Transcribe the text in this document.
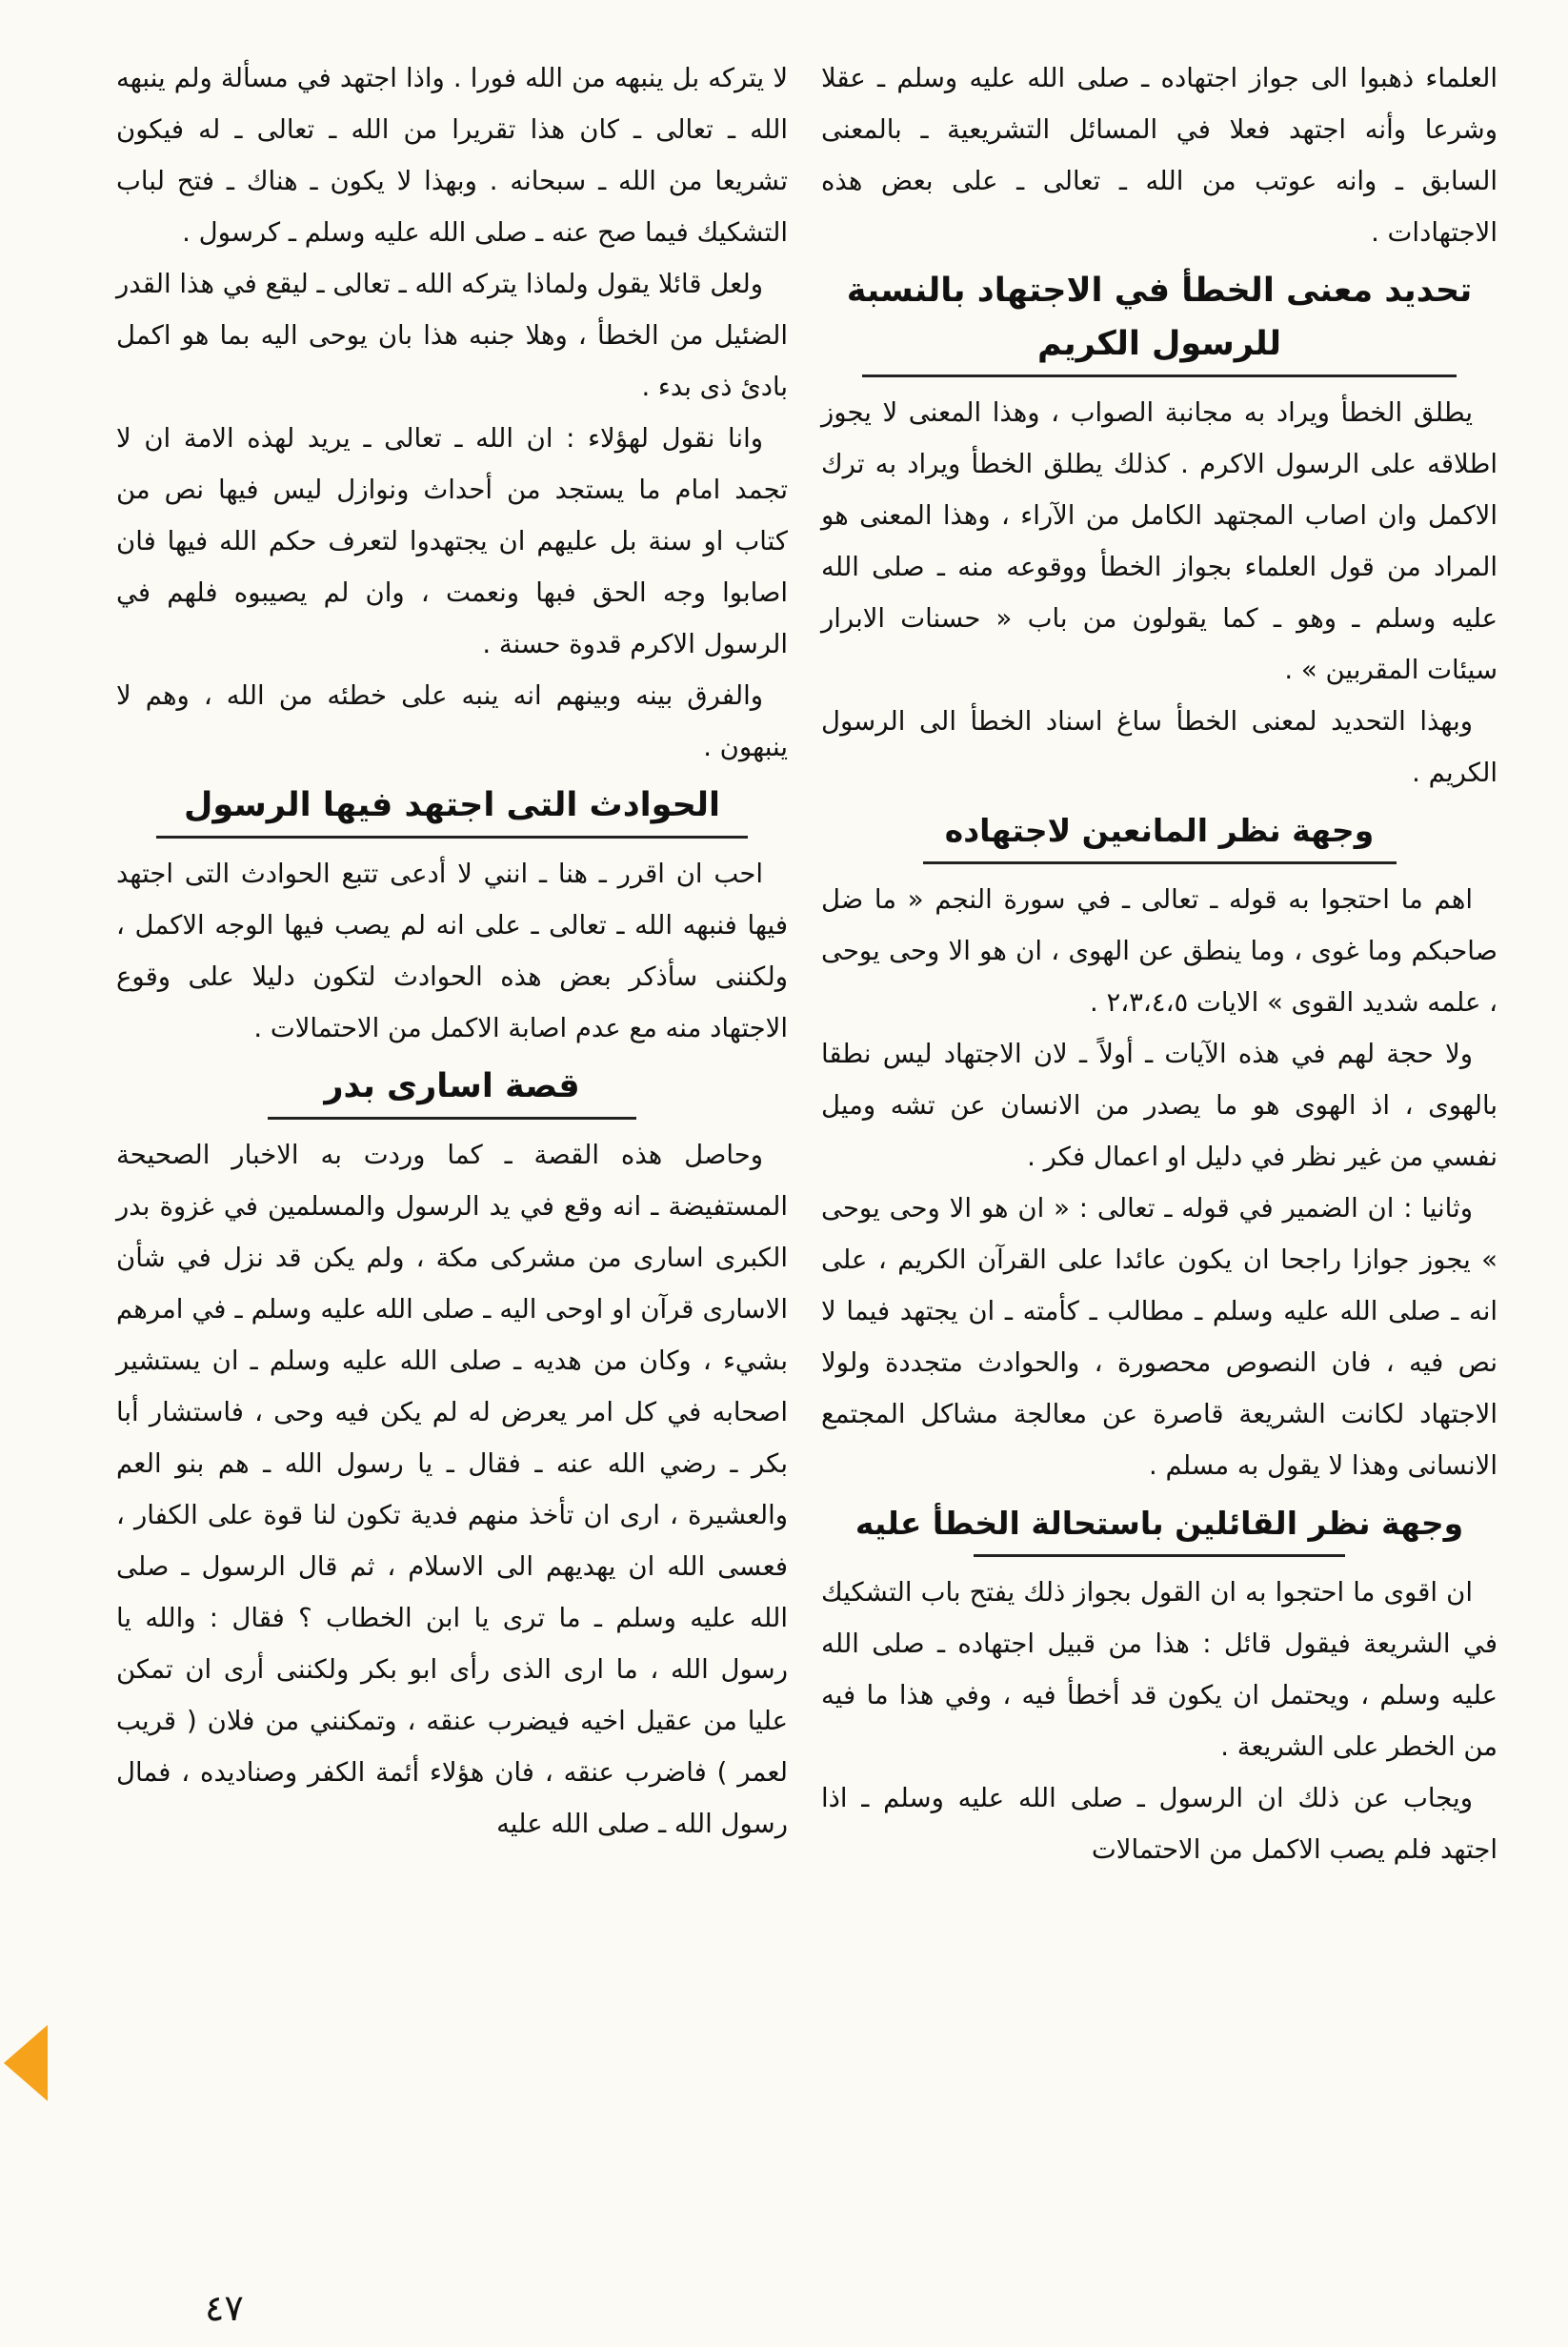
العلماء ذهبوا الى جواز اجتهاده ـ صلى الله عليه وسلم ـ عقلا وشرعا وأنه اجتهد فعلا في المسائل التشريعية ـ بالمعنى السابق ـ وانه عوتب من الله ـ تعالى ـ على بعض هذه الاجتهادات .

تحديد معنى الخطأ في الاجتهاد بالنسبة للرسول الكريم

يطلق الخطأ ويراد به مجانبة الصواب ، وهذا المعنى لا يجوز اطلاقه على الرسول الاكرم . كذلك يطلق الخطأ ويراد به ترك الاكمل وان اصاب المجتهد الكامل من الآراء ، وهذا المعنى هو المراد من قول العلماء بجواز الخطأ ووقوعه منه ـ صلى الله عليه وسلم ـ وهو ـ كما يقولون من باب « حسنات الابرار سيئات المقربين » .

وبهذا التحديد لمعنى الخطأ ساغ اسناد الخطأ الى الرسول الكريم .

وجهة نظر المانعين لاجتهاده

اهم ما احتجوا به قوله ـ تعالى ـ في سورة النجم « ما ضل صاحبكم وما غوى ، وما ينطق عن الهوى ، ان هو الا وحى يوحى ، علمه شديد القوى » الايات ٢،٣،٤،٥ .

ولا حجة لهم في هذه الآيات ـ أولاً ـ لان الاجتهاد ليس نطقا بالهوى ، اذ الهوى هو ما يصدر من الانسان عن تشه وميل نفسي من غير نظر في دليل او اعمال فكر .

وثانيا : ان الضمير في قوله ـ تعالى : « ان هو الا وحى يوحى » يجوز جوازا راجحا ان يكون عائدا على القرآن الكريم ، على انه ـ صلى الله عليه وسلم ـ مطالب ـ كأمته ـ ان يجتهد فيما لا نص فيه ، فان النصوص محصورة ، والحوادث متجددة ولولا الاجتهاد لكانت الشريعة قاصرة عن معالجة مشاكل المجتمع الانسانى وهذا لا يقول به مسلم .

وجهة نظر القائلين باستحالة الخطأ عليه

ان اقوى ما احتجوا به ان القول بجواز ذلك يفتح باب التشكيك في الشريعة فيقول قائل : هذا من قبيل اجتهاده ـ صلى الله عليه وسلم ، ويحتمل ان يكون قد أخطأ فيه ، وفي هذا ما فيه من الخطر على الشريعة .

ويجاب عن ذلك ان الرسول ـ صلى الله عليه وسلم ـ اذا اجتهد فلم يصب الاكمل من الاحتمالات

لا يتركه بل ينبهه من الله فورا . واذا اجتهد في مسألة ولم ينبهه الله ـ تعالى ـ كان هذا تقريرا من الله ـ تعالى ـ له فيكون تشريعا من الله ـ سبحانه . وبهذا لا يكون ـ هناك ـ فتح لباب التشكيك فيما صح عنه ـ صلى الله عليه وسلم ـ كرسول .

ولعل قائلا يقول ولماذا يتركه الله ـ تعالى ـ ليقع في هذا القدر الضئيل من الخطأ ، وهلا جنبه هذا بان يوحى اليه بما هو اكمل بادئ ذى بدء .

وانا نقول لهؤلاء : ان الله ـ تعالى ـ يريد لهذه الامة ان لا تجمد امام ما يستجد من أحداث ونوازل ليس فيها نص من كتاب او سنة بل عليهم ان يجتهدوا لتعرف حكم الله فيها فان اصابوا وجه الحق فبها ونعمت ، وان لم يصيبوه فلهم في الرسول الاكرم قدوة حسنة .

والفرق بينه وبينهم انه ينبه على خطئه من الله ، وهم لا ينبهون .

الحوادث التى اجتهد فيها الرسول

احب ان اقرر ـ هنا ـ انني لا أدعى تتبع الحوادث التى اجتهد فيها فنبهه الله ـ تعالى ـ على انه لم يصب فيها الوجه الاكمل ، ولكننى سأذكر بعض هذه الحوادث لتكون دليلا على وقوع الاجتهاد منه مع عدم اصابة الاكمل من الاحتمالات .

قصة اسارى بدر

وحاصل هذه القصة ـ كما وردت به الاخبار الصحيحة المستفيضة ـ انه وقع في يد الرسول والمسلمين في غزوة بدر الكبرى اسارى من مشركى مكة ، ولم يكن قد نزل في شأن الاسارى قرآن او اوحى اليه ـ صلى الله عليه وسلم ـ في امرهم بشيء ، وكان من هديه ـ صلى الله عليه وسلم ـ ان يستشير اصحابه في كل امر يعرض له لم يكن فيه وحى ، فاستشار أبا بكر ـ رضي الله عنه ـ فقال ـ يا رسول الله ـ هم بنو العم والعشيرة ، ارى ان تأخذ منهم فدية تكون لنا قوة على الكفار ، فعسى الله ان يهديهم الى الاسلام ، ثم قال الرسول ـ صلى الله عليه وسلم ـ ما ترى يا ابن الخطاب ؟ فقال : والله يا رسول الله ، ما ارى الذى رأى ابو بكر ولكننى أرى ان تمكن عليا من عقيل اخيه فيضرب عنقه ، وتمكنني من فلان ( قريب لعمر ) فاضرب عنقه ، فان هؤلاء أئمة الكفر وصناديده ، فمال رسول الله ـ صلى الله عليه

٤٧
